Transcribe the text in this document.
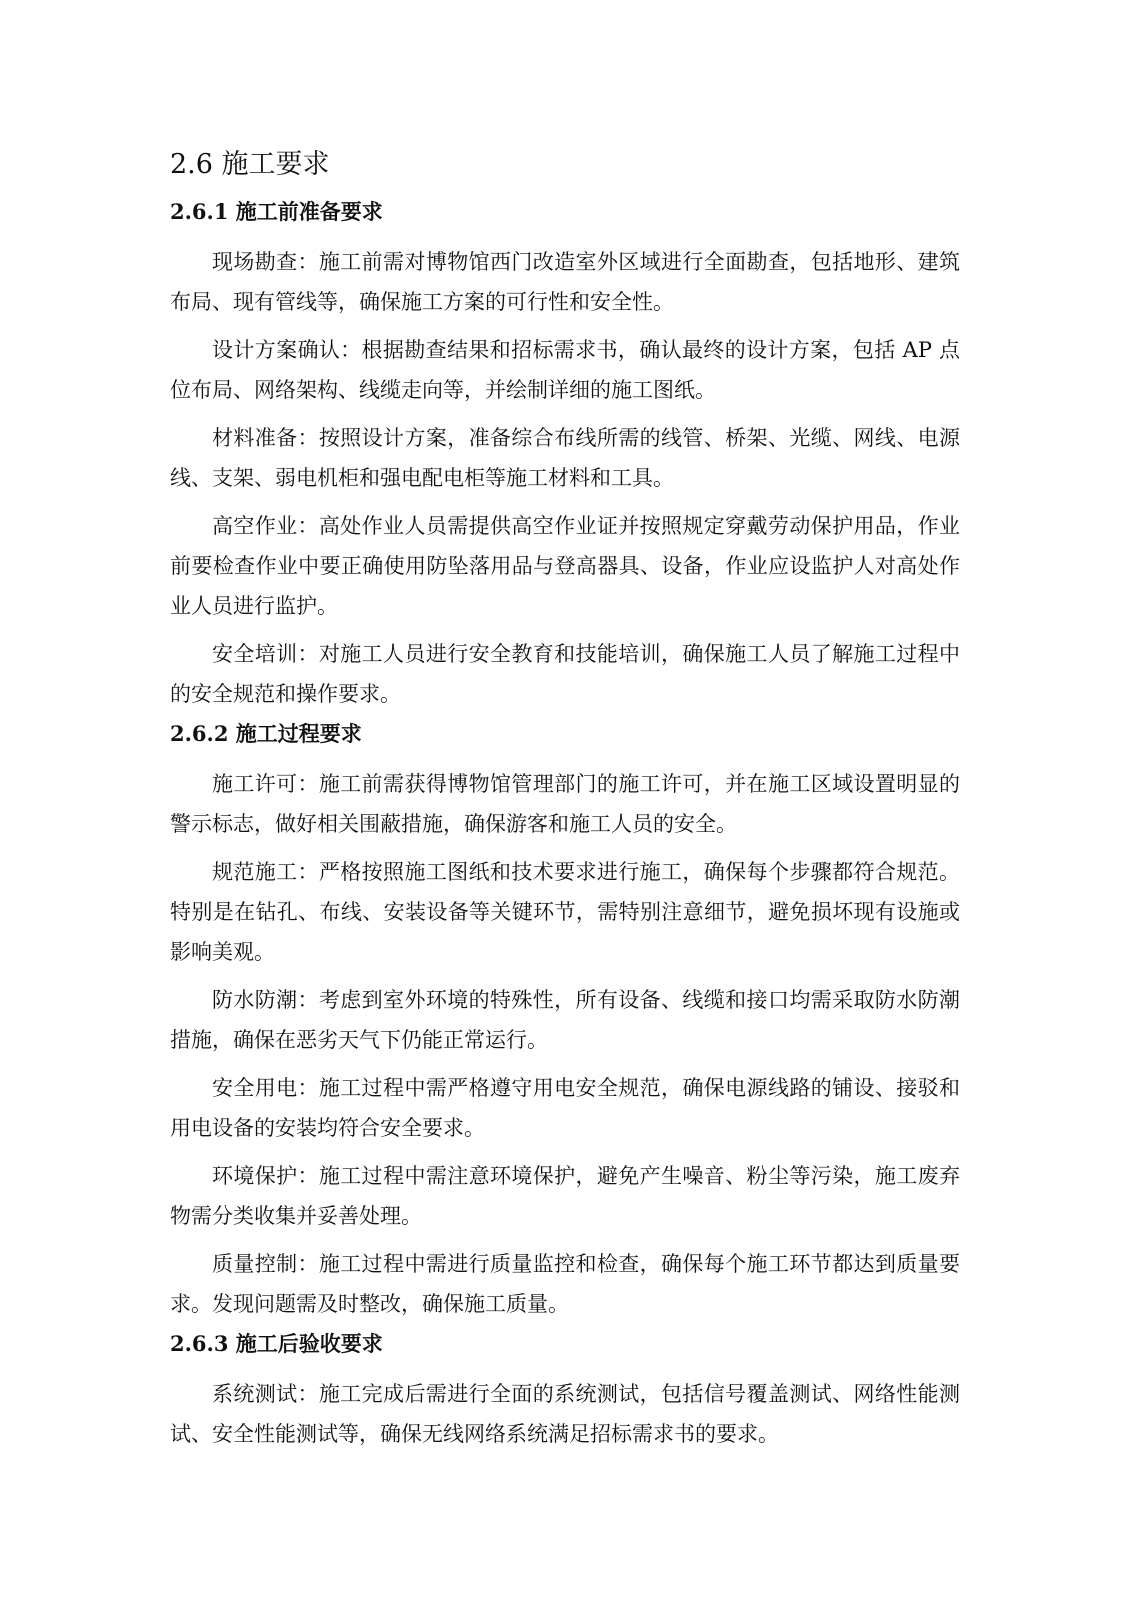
2.6 施工要求
2.6.1 施工前准备要求

现场勘查：施工前需对博物馆西门改造室外区域进行全面勘查，包括地形、建筑布局、现有管线等，确保施工方案的可行性和安全性。

设计方案确认：根据勘查结果和招标需求书，确认最终的设计方案，包括 AP 点位布局、网络架构、线缆走向等，并绘制详细的施工图纸。

材料准备：按照设计方案，准备综合布线所需的线管、桥架、光缆、网线、电源线、支架、弱电机柜和强电配电柜等施工材料和工具。

高空作业：高处作业人员需提供高空作业证并按照规定穿戴劳动保护用品，作业前要检查作业中要正确使用防坠落用品与登高器具、设备，作业应设监护人对高处作业人员进行监护。

安全培训：对施工人员进行安全教育和技能培训，确保施工人员了解施工过程中的安全规范和操作要求。

2.6.2 施工过程要求

施工许可：施工前需获得博物馆管理部门的施工许可，并在施工区域设置明显的警示标志，做好相关围蔽措施，确保游客和施工人员的安全。

规范施工：严格按照施工图纸和技术要求进行施工，确保每个步骤都符合规范。特别是在钻孔、布线、安装设备等关键环节，需特别注意细节，避免损坏现有设施或影响美观。

防水防潮：考虑到室外环境的特殊性，所有设备、线缆和接口均需采取防水防潮措施，确保在恶劣天气下仍能正常运行。

安全用电：施工过程中需严格遵守用电安全规范，确保电源线路的铺设、接驳和用电设备的安装均符合安全要求。

环境保护：施工过程中需注意环境保护，避免产生噪音、粉尘等污染，施工废弃物需分类收集并妥善处理。

质量控制：施工过程中需进行质量监控和检查，确保每个施工环节都达到质量要求。发现问题需及时整改，确保施工质量。

2.6.3 施工后验收要求

系统测试：施工完成后需进行全面的系统测试，包括信号覆盖测试、网络性能测试、安全性能测试等，确保无线网络系统满足招标需求书的要求。
